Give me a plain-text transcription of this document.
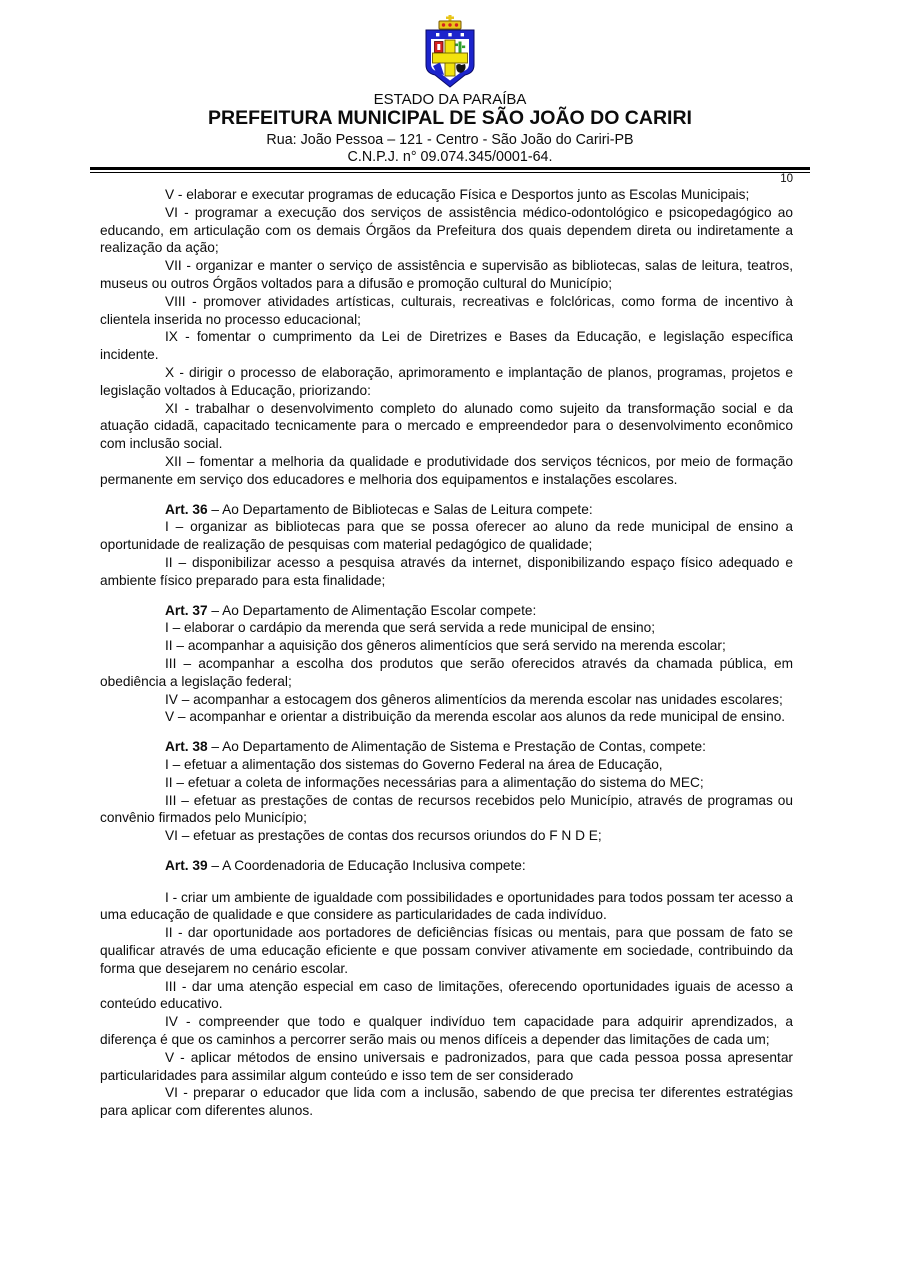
ESTADO DA PARAÍBA
PREFEITURA MUNICIPAL DE SÃO JOÃO DO CARIRI
Rua: João Pessoa – 121 - Centro - São João do Cariri-PB
C.N.P.J. n° 09.074.345/0001-64.
10

V - elaborar e executar programas de educação Física e Desportos junto as Escolas Municipais;

VI - programar a execução dos serviços de assistência médico-odontológico e psicopedagógico ao educando, em articulação com os demais Órgãos da Prefeitura dos quais dependem direta ou indiretamente a realização da ação;

VII - organizar e manter o serviço de assistência e supervisão as bibliotecas, salas de leitura, teatros, museus ou outros Órgãos voltados para a difusão e promoção cultural do Município;

VIII - promover atividades artísticas, culturais, recreativas e folclóricas, como forma de incentivo à clientela inserida no processo educacional;

IX - fomentar o cumprimento da Lei de Diretrizes e Bases da Educação, e legislação específica incidente.

X - dirigir o processo de elaboração, aprimoramento e implantação de planos, programas, projetos e legislação voltados à Educação, priorizando:

XI - trabalhar o desenvolvimento completo do alunado como sujeito da transformação social e da atuação cidadã, capacitado tecnicamente para o mercado e empreendedor para o desenvolvimento econômico com inclusão social.

XII – fomentar a melhoria da qualidade e produtividade dos serviços técnicos, por meio de formação permanente em serviço dos educadores e melhoria dos equipamentos e instalações escolares.

Art. 36 – Ao Departamento de Bibliotecas e Salas de Leitura compete:

I – organizar as bibliotecas para que se possa oferecer ao aluno da rede municipal de ensino a oportunidade de realização de pesquisas com material pedagógico de qualidade;

II – disponibilizar acesso a pesquisa através da internet, disponibilizando espaço físico adequado e ambiente físico preparado para esta finalidade;

Art. 37 – Ao Departamento de Alimentação Escolar compete:

I – elaborar o cardápio da merenda que será servida a rede municipal de ensino;

II – acompanhar a aquisição dos gêneros alimentícios que será servido na merenda escolar;

III – acompanhar a escolha dos produtos que serão oferecidos através da chamada pública, em obediência a legislação federal;

IV – acompanhar a estocagem dos gêneros alimentícios da merenda escolar nas unidades escolares;

V – acompanhar e orientar a distribuição da merenda escolar aos alunos da rede municipal de ensino.

Art. 38 – Ao Departamento de Alimentação de Sistema e Prestação de Contas, compete:

I – efetuar a alimentação dos sistemas do Governo Federal na área de Educação,

II – efetuar a coleta de informações necessárias para a alimentação do sistema do MEC;

III – efetuar as prestações de contas de recursos recebidos pelo Município, através de programas ou convênio firmados pelo Município;

VI – efetuar as prestações de contas dos recursos oriundos do F N D E;

Art. 39 – A Coordenadoria de Educação Inclusiva compete:

I - criar um ambiente de igualdade com possibilidades e oportunidades para todos possam ter acesso a uma educação de qualidade e que considere as particularidades de cada indivíduo.

II - dar oportunidade aos portadores de deficiências físicas ou mentais, para que possam de fato se qualificar através de uma educação eficiente e que possam conviver ativamente em sociedade, contribuindo da forma que desejarem no cenário escolar.

III - dar uma atenção especial em caso de limitações, oferecendo oportunidades iguais de acesso a conteúdo educativo.

IV - compreender que todo e qualquer indivíduo tem capacidade para adquirir aprendizados, a diferença é que os caminhos a percorrer serão mais ou menos difíceis a depender das limitações de cada um;

V - aplicar métodos de ensino universais e padronizados, para que cada pessoa possa apresentar particularidades para assimilar algum conteúdo e isso tem de ser considerado

VI - preparar o educador que lida com a inclusão, sabendo de que precisa ter diferentes estratégias para aplicar com diferentes alunos.
